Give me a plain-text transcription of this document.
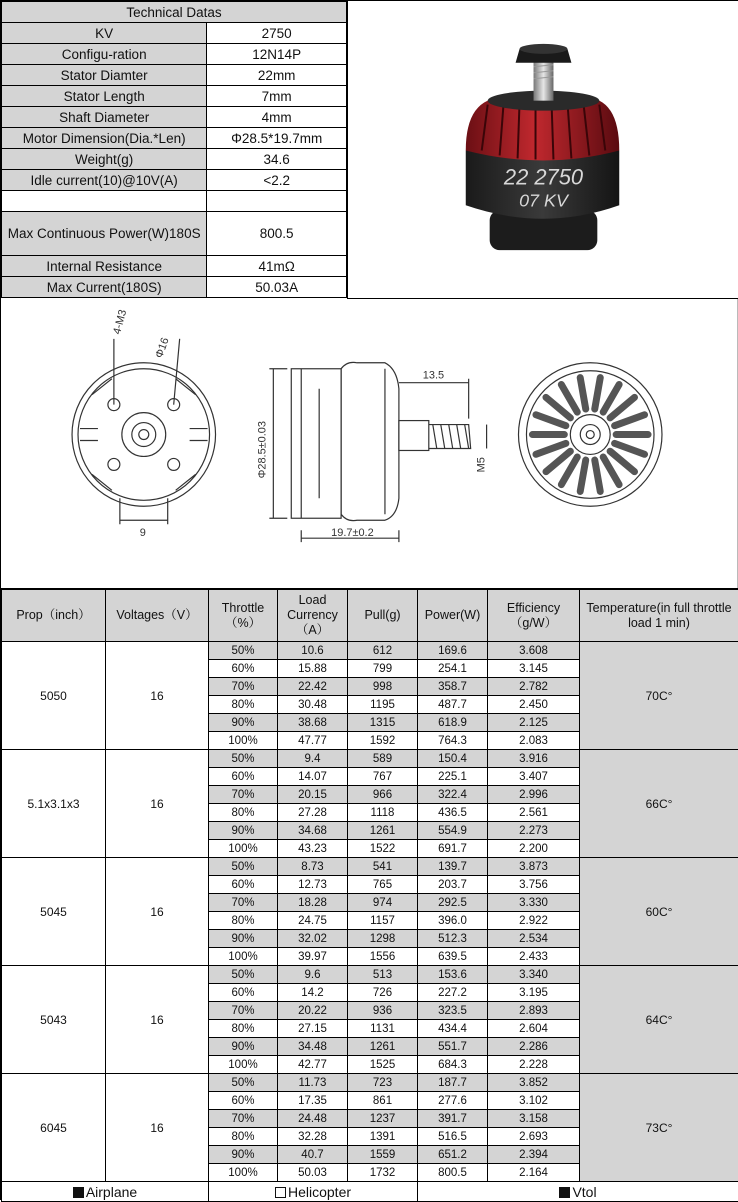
Technical Datas	
KV	2750
Configu-ration	12N14P
Stator Diamter	22mm
Stator Length	7mm
Shaft Diameter	4mm
Motor Dimension(Dia.*Len)	Φ28.5*19.7mm
Weight(g)	34.6
Idle current(10)@10V(A)	<2.2

Max Continuous Power(W)180S	800.5
Internal Resistance	41mΩ
Max Current(180S)	50.03A
22 2750
07 KV
4-M3
Φ16
9
Φ28.5±0.03
13.5
M5
19.7±0.2
Prop（inch）	Voltages（V）	Throttle（%）	Load Currency（A）	Pull(g)	Power(W)	Efficiency（g/W）	Temperature(in full throttle load 1 min)
5050	16	50%	10.6	612	169.6	3.608	70C°
		60%	15.88	799	254.1	3.145	
		70%	22.42	998	358.7	2.782	
		80%	30.48	1195	487.7	2.450	
		90%	38.68	1315	618.9	2.125	
		100%	47.77	1592	764.3	2.083	
5.1x3.1x3	16	50%	9.4	589	150.4	3.916	66C°
		60%	14.07	767	225.1	3.407	
		70%	20.15	966	322.4	2.996	
		80%	27.28	1118	436.5	2.561	
		90%	34.68	1261	554.9	2.273	
		100%	43.23	1522	691.7	2.200	
5045	16	50%	8.73	541	139.7	3.873	60C°
		60%	12.73	765	203.7	3.756	
		70%	18.28	974	292.5	3.330	
		80%	24.75	1157	396.0	2.922	
		90%	32.02	1298	512.3	2.534	
		100%	39.97	1556	639.5	2.433	
5043	16	50%	9.6	513	153.6	3.340	64C°
		60%	14.2	726	227.2	3.195	
		70%	20.22	936	323.5	2.893	
		80%	27.15	1131	434.4	2.604	
		90%	34.48	1261	551.7	2.286	
		100%	42.77	1525	684.3	2.228	
6045	16	50%	11.73	723	187.7	3.852	73C°
		60%	17.35	861	277.6	3.102	
		70%	24.48	1237	391.7	3.158	
		80%	32.28	1391	516.5	2.693	
		90%	40.7	1559	651.2	2.394	
		100%	50.03	1732	800.5	2.164	
Airplane		Helicopter			Vtol		
